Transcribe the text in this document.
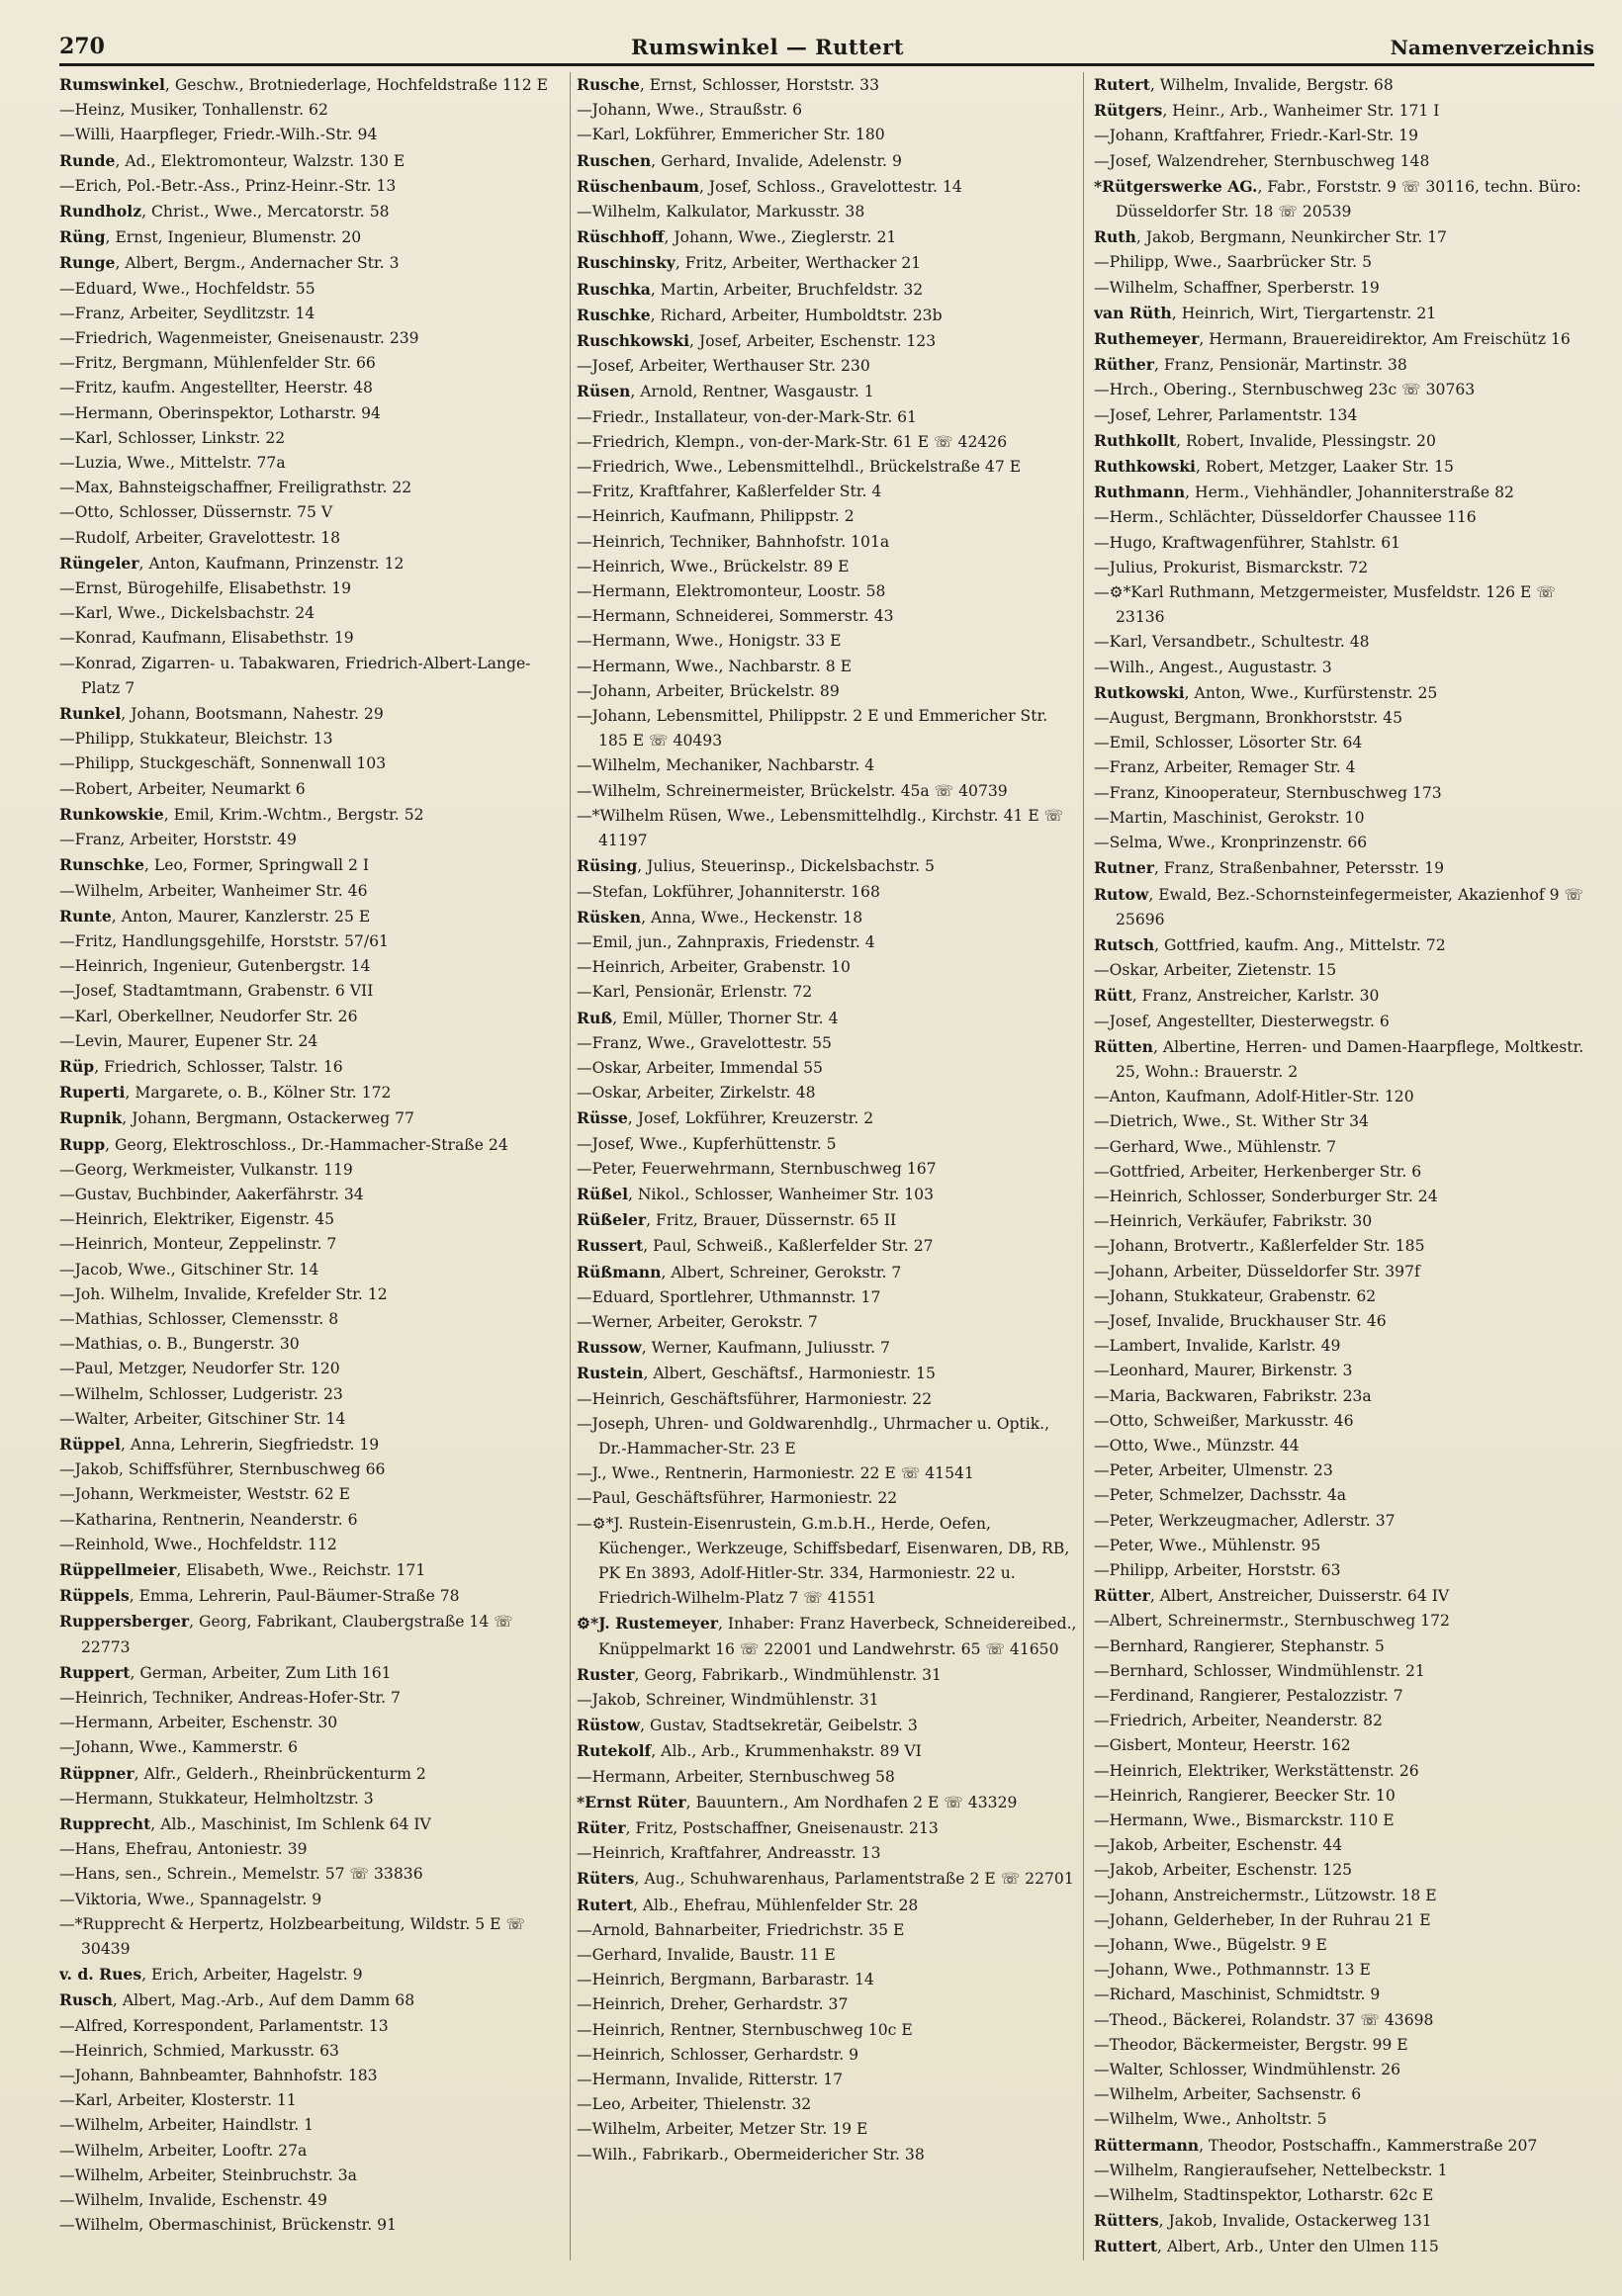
270	Rumswinkel — Ruttert	Namenverzeichnis
Rumswinkel, Geschw., Brotniederlage, Hochfeldstraße 112 E
—Heinz, Musiker, Tonhallenstr. 62
—Willi, Haarpfleger, Friedr.-Wilh.-Str. 94
Runde, Ad., Elektromonteur, Walzstr. 130 E
—Erich, Pol.-Betr.-Ass., Prinz-Heinr.-Str. 13
Rundholz, Christ., Wwe., Mercatorstr. 58
Rüng, Ernst, Ingenieur, Blumenstr. 20
Runge, Albert, Bergm., Andernacher Str. 3
—Eduard, Wwe., Hochfeldstr. 55
—Franz, Arbeiter, Seydlitzstr. 14
—Friedrich, Wagenmeister, Gneisenaustr. 239
—Fritz, Bergmann, Mühlenfelder Str. 66
—Fritz, kaufm. Angestellter, Heerstr. 48
—Hermann, Oberinspektor, Lotharstr. 94
—Karl, Schlosser, Linkstr. 22
—Luzia, Wwe., Mittelstr. 77a
—Max, Bahnsteigschaffner, Freiligrathstr. 22
—Otto, Schlosser, Düssernstr. 75 V
—Rudolf, Arbeiter, Gravelottestr. 18
Rüngeler, Anton, Kaufmann, Prinzenstr. 12
—Ernst, Bürogehilfe, Elisabethstr. 19
—Karl, Wwe., Dickelsbachstr. 24
—Konrad, Kaufmann, Elisabethstr. 19
—Konrad, Zigarren- u. Tabakwaren, Friedrich-Albert-Lange-Platz 7
Runkel, Johann, Bootsmann, Nahestr. 29
—Philipp, Stukkateur, Bleichstr. 13
—Philipp, Stuckgeschäft, Sonnenwall 103
—Robert, Arbeiter, Neumarkt 6
Runkowskie, Emil, Krim.-Wchtm., Bergstr. 52
—Franz, Arbeiter, Horststr. 49
Runschke, Leo, Former, Springwall 2 I
—Wilhelm, Arbeiter, Wanheimer Str. 46
Runte, Anton, Maurer, Kanzlerstr. 25 E
—Fritz, Handlungsgehilfe, Horststr. 57/61
—Heinrich, Ingenieur, Gutenbergstr. 14
—Josef, Stadtamtmann, Grabenstr. 6 VII
—Karl, Oberkellner, Neudorfer Str. 26
—Levin, Maurer, Eupener Str. 24
Rüp, Friedrich, Schlosser, Talstr. 16
Ruperti, Margarete, o. B., Kölner Str. 172
Rupnik, Johann, Bergmann, Ostackerweg 77
Rupp, Georg, Elektroschloss., Dr.-Hammacher-Straße 24
—Georg, Werkmeister, Vulkanstr. 119
—Gustav, Buchbinder, Aakerfährstr. 34
—Heinrich, Elektriker, Eigenstr. 45
—Heinrich, Monteur, Zeppelinstr. 7
—Jacob, Wwe., Gitschiner Str. 14
—Joh. Wilhelm, Invalide, Krefelder Str. 12
—Mathias, Schlosser, Clemensstr. 8
—Mathias, o. B., Bungerstr. 30
—Paul, Metzger, Neudorfer Str. 120
—Wilhelm, Schlosser, Ludgeristr. 23
—Walter, Arbeiter, Gitschiner Str. 14
Rüppel, Anna, Lehrerin, Siegfriedstr. 19
—Jakob, Schiffsführer, Sternbuschweg 66
—Johann, Werkmeister, Weststr. 62 E
—Katharina, Rentnerin, Neanderstr. 6
—Reinhold, Wwe., Hochfeldstr. 112
Rüppellmeier, Elisabeth, Wwe., Reichstr. 171
Rüppels, Emma, Lehrerin, Paul-Bäumer-Straße 78
Ruppersberger, Georg, Fabrikant, Claubergstraße 14 ☏ 22773
Ruppert, German, Arbeiter, Zum Lith 161
—Heinrich, Techniker, Andreas-Hofer-Str. 7
—Hermann, Arbeiter, Eschenstr. 30
—Johann, Wwe., Kammerstr. 6
Rüppner, Alfr., Gelderh., Rheinbrückenturm 2
—Hermann, Stukkateur, Helmholtzstr. 3
Rupprecht, Alb., Maschinist, Im Schlenk 64 IV
—Hans, Ehefrau, Antoniestr. 39
—Hans, sen., Schrein., Memelstr. 57 ☏ 33836
—Viktoria, Wwe., Spannagelstr. 9
—*Rupprecht & Herpertz, Holzbearbeitung, Wildstr. 5 E ☏ 30439
v. d. Rues, Erich, Arbeiter, Hagelstr. 9
Rusch, Albert, Mag.-Arb., Auf dem Damm 68
—Alfred, Korrespondent, Parlamentstr. 13
—Heinrich, Schmied, Markusstr. 63
—Johann, Bahnbeamter, Bahnhofstr. 183
—Karl, Arbeiter, Klosterstr. 11
—Wilhelm, Arbeiter, Haindlstr. 1
—Wilhelm, Arbeiter, Looftr. 27a
—Wilhelm, Arbeiter, Steinbruchstr. 3a
—Wilhelm, Invalide, Eschenstr. 49
—Wilhelm, Obermaschinist, Brückenstr. 91
Rusche, Ernst, Schlosser, Horststr. 33
—Johann, Wwe., Straußstr. 6
—Karl, Lokführer, Emmericher Str. 180
Ruschen, Gerhard, Invalide, Adelenstr. 9
Rüschenbaum, Josef, Schloss., Gravelottestr. 14
—Wilhelm, Kalkulator, Markusstr. 38
Rüschhoff, Johann, Wwe., Zieglerstr. 21
Ruschinsky, Fritz, Arbeiter, Werthacker 21
Ruschka, Martin, Arbeiter, Bruchfeldstr. 32
Ruschke, Richard, Arbeiter, Humboldtstr. 23b
Ruschkowski, Josef, Arbeiter, Eschenstr. 123
—Josef, Arbeiter, Werthauser Str. 230
Rüsen, Arnold, Rentner, Wasgaustr. 1
—Friedr., Installateur, von-der-Mark-Str. 61
—Friedrich, Klempn., von-der-Mark-Str. 61 E ☏ 42426
—Friedrich, Wwe., Lebensmittelhdl., Brückelstraße 47 E
—Fritz, Kraftfahrer, Kaßlerfelder Str. 4
—Heinrich, Kaufmann, Philippstr. 2
—Heinrich, Techniker, Bahnhofstr. 101a
—Heinrich, Wwe., Brückelstr. 89 E
—Hermann, Elektromonteur, Loostr. 58
—Hermann, Schneiderei, Sommerstr. 43
—Hermann, Wwe., Honigstr. 33 E
—Hermann, Wwe., Nachbarstr. 8 E
—Johann, Arbeiter, Brückelstr. 89
—Johann, Lebensmittel, Philippstr. 2 E und Emmericher Str. 185 E ☏ 40493
—Wilhelm, Mechaniker, Nachbarstr. 4
—Wilhelm, Schreinermeister, Brückelstr. 45a ☏ 40739
—*Wilhelm Rüsen, Wwe., Lebensmittelhdlg., Kirchstr. 41 E ☏ 41197
Rüsing, Julius, Steuerinsp., Dickelsbachstr. 5
—Stefan, Lokführer, Johanniterstr. 168
Rüsken, Anna, Wwe., Heckenstr. 18
—Emil, jun., Zahnpraxis, Friedenstr. 4
—Heinrich, Arbeiter, Grabenstr. 10
—Karl, Pensionär, Erlenstr. 72
Ruß, Emil, Müller, Thorner Str. 4
—Franz, Wwe., Gravelottestr. 55
—Oskar, Arbeiter, Immendal 55
—Oskar, Arbeiter, Zirkelstr. 48
Rüsse, Josef, Lokführer, Kreuzerstr. 2
—Josef, Wwe., Kupferhüttenstr. 5
—Peter, Feuerwehrmann, Sternbuschweg 167
Rüßel, Nikol., Schlosser, Wanheimer Str. 103
Rüßeler, Fritz, Brauer, Düssernstr. 65 II
Russert, Paul, Schweiß., Kaßlerfelder Str. 27
Rüßmann, Albert, Schreiner, Gerokstr. 7
—Eduard, Sportlehrer, Uthmannstr. 17
—Werner, Arbeiter, Gerokstr. 7
Russow, Werner, Kaufmann, Juliusstr. 7
Rustein, Albert, Geschäftsf., Harmoniestr. 15
—Heinrich, Geschäftsführer, Harmoniestr. 22
—Joseph, Uhren- und Goldwarenhdlg., Uhrmacher u. Optik., Dr.-Hammacher-Str. 23 E
—J., Wwe., Rentnerin, Harmoniestr. 22 E ☏ 41541
—Paul, Geschäftsführer, Harmoniestr. 22
—⚙*J. Rustein-Eisenrustein, G.m.b.H., Herde, Oefen, Küchenger., Werkzeuge, Schiffsbedarf, Eisenwaren, DB, RB, PK En 3893, Adolf-Hitler-Str. 334, Harmoniestr. 22 u. Friedrich-Wilhelm-Platz 7 ☏ 41551
⚙*J. Rustemeyer, Inhaber: Franz Haverbeck, Schneidereibed., Knüppelmarkt 16 ☏ 22001 und Landwehrstr. 65 ☏ 41650
Ruster, Georg, Fabrikarb., Windmühlenstr. 31
—Jakob, Schreiner, Windmühlenstr. 31
Rüstow, Gustav, Stadtsekretär, Geibelstr. 3
Rutekolf, Alb., Arb., Krummenhakstr. 89 VI
—Hermann, Arbeiter, Sternbuschweg 58
*Ernst Rüter, Bauuntern., Am Nordhafen 2 E ☏ 43329
Rüter, Fritz, Postschaffner, Gneisenaustr. 213
—Heinrich, Kraftfahrer, Andreasstr. 13
Rüters, Aug., Schuhwarenhaus, Parlamentstraße 2 E ☏ 22701
Rutert, Alb., Ehefrau, Mühlenfelder Str. 28
—Arnold, Bahnarbeiter, Friedrichstr. 35 E
—Gerhard, Invalide, Baustr. 11 E
—Heinrich, Bergmann, Barbarastr. 14
—Heinrich, Dreher, Gerhardstr. 37
—Heinrich, Rentner, Sternbuschweg 10c E
—Heinrich, Schlosser, Gerhardstr. 9
—Hermann, Invalide, Ritterstr. 17
—Leo, Arbeiter, Thielenstr. 32
—Wilhelm, Arbeiter, Metzer Str. 19 E
—Wilh., Fabrikarb., Obermeidericher Str. 38
Rutert, Wilhelm, Invalide, Bergstr. 68
Rütgers, Heinr., Arb., Wanheimer Str. 171 I
—Johann, Kraftfahrer, Friedr.-Karl-Str. 19
—Josef, Walzendreher, Sternbuschweg 148
*Rütgerswerke AG., Fabr., Forststr. 9 ☏ 30116, techn. Büro: Düsseldorfer Str. 18 ☏ 20539
Ruth, Jakob, Bergmann, Neunkircher Str. 17
—Philipp, Wwe., Saarbrücker Str. 5
—Wilhelm, Schaffner, Sperberstr. 19
van Rüth, Heinrich, Wirt, Tiergartenstr. 21
Ruthemeyer, Hermann, Brauereidirektor, Am Freischütz 16
Rüther, Franz, Pensionär, Martinstr. 38
—Hrch., Obering., Sternbuschweg 23c ☏ 30763
—Josef, Lehrer, Parlamentstr. 134
Ruthkollt, Robert, Invalide, Plessingstr. 20
Ruthkowski, Robert, Metzger, Laaker Str. 15
Ruthmann, Herm., Viehhändler, Johanniterstraße 82
—Herm., Schlächter, Düsseldorfer Chaussee 116
—Hugo, Kraftwagenführer, Stahlstr. 61
—Julius, Prokurist, Bismarckstr. 72
—⚙*Karl Ruthmann, Metzgermeister, Musfeldstr. 126 E ☏ 23136
—Karl, Versandbetr., Schultestr. 48
—Wilh., Angest., Augustastr. 3
Rutkowski, Anton, Wwe., Kurfürstenstr. 25
—August, Bergmann, Bronkhorststr. 45
—Emil, Schlosser, Lösorter Str. 64
—Franz, Arbeiter, Remager Str. 4
—Franz, Kinooperateur, Sternbuschweg 173
—Martin, Maschinist, Gerokstr. 10
—Selma, Wwe., Kronprinzenstr. 66
Rutner, Franz, Straßenbahner, Petersstr. 19
Rutow, Ewald, Bez.-Schornsteinfegermeister, Akazienhof 9 ☏ 25696
Rutsch, Gottfried, kaufm. Ang., Mittelstr. 72
—Oskar, Arbeiter, Zietenstr. 15
Rütt, Franz, Anstreicher, Karlstr. 30
—Josef, Angestellter, Diesterwegstr. 6
Rütten, Albertine, Herren- und Damen-Haarpflege, Moltkestr. 25, Wohn.: Brauerstr. 2
—Anton, Kaufmann, Adolf-Hitler-Str. 120
—Dietrich, Wwe., St. Wither Str 34
—Gerhard, Wwe., Mühlenstr. 7
—Gottfried, Arbeiter, Herkenberger Str. 6
—Heinrich, Schlosser, Sonderburger Str. 24
—Heinrich, Verkäufer, Fabrikstr. 30
—Johann, Brotvertr., Kaßlerfelder Str. 185
—Johann, Arbeiter, Düsseldorfer Str. 397f
—Johann, Stukkateur, Grabenstr. 62
—Josef, Invalide, Bruckhauser Str. 46
—Lambert, Invalide, Karlstr. 49
—Leonhard, Maurer, Birkenstr. 3
—Maria, Backwaren, Fabrikstr. 23a
—Otto, Schweißer, Markusstr. 46
—Otto, Wwe., Münzstr. 44
—Peter, Arbeiter, Ulmenstr. 23
—Peter, Schmelzer, Dachsstr. 4a
—Peter, Werkzeugmacher, Adlerstr. 37
—Peter, Wwe., Mühlenstr. 95
—Philipp, Arbeiter, Horststr. 63
Rütter, Albert, Anstreicher, Duisserstr. 64 IV
—Albert, Schreinermstr., Sternbuschweg 172
—Bernhard, Rangierer, Stephanstr. 5
—Bernhard, Schlosser, Windmühlenstr. 21
—Ferdinand, Rangierer, Pestalozzistr. 7
—Friedrich, Arbeiter, Neanderstr. 82
—Gisbert, Monteur, Heerstr. 162
—Heinrich, Elektriker, Werkstättenstr. 26
—Heinrich, Rangierer, Beecker Str. 10
—Hermann, Wwe., Bismarckstr. 110 E
—Jakob, Arbeiter, Eschenstr. 44
—Jakob, Arbeiter, Eschenstr. 125
—Johann, Anstreichermstr., Lützowstr. 18 E
—Johann, Gelderheber, In der Ruhrau 21 E
—Johann, Wwe., Bügelstr. 9 E
—Johann, Wwe., Pothmannstr. 13 E
—Richard, Maschinist, Schmidtstr. 9
—Theod., Bäckerei, Rolandstr. 37 ☏ 43698
—Theodor, Bäckermeister, Bergstr. 99 E
—Walter, Schlosser, Windmühlenstr. 26
—Wilhelm, Arbeiter, Sachsenstr. 6
—Wilhelm, Wwe., Anholtstr. 5
Rüttermann, Theodor, Postschaffn., Kammerstraße 207
—Wilhelm, Rangieraufseher, Nettelbeckstr. 1
—Wilhelm, Stadtinspektor, Lotharstr. 62c E
Rütters, Jakob, Invalide, Ostackerweg 131
Ruttert, Albert, Arb., Unter den Ulmen 115
